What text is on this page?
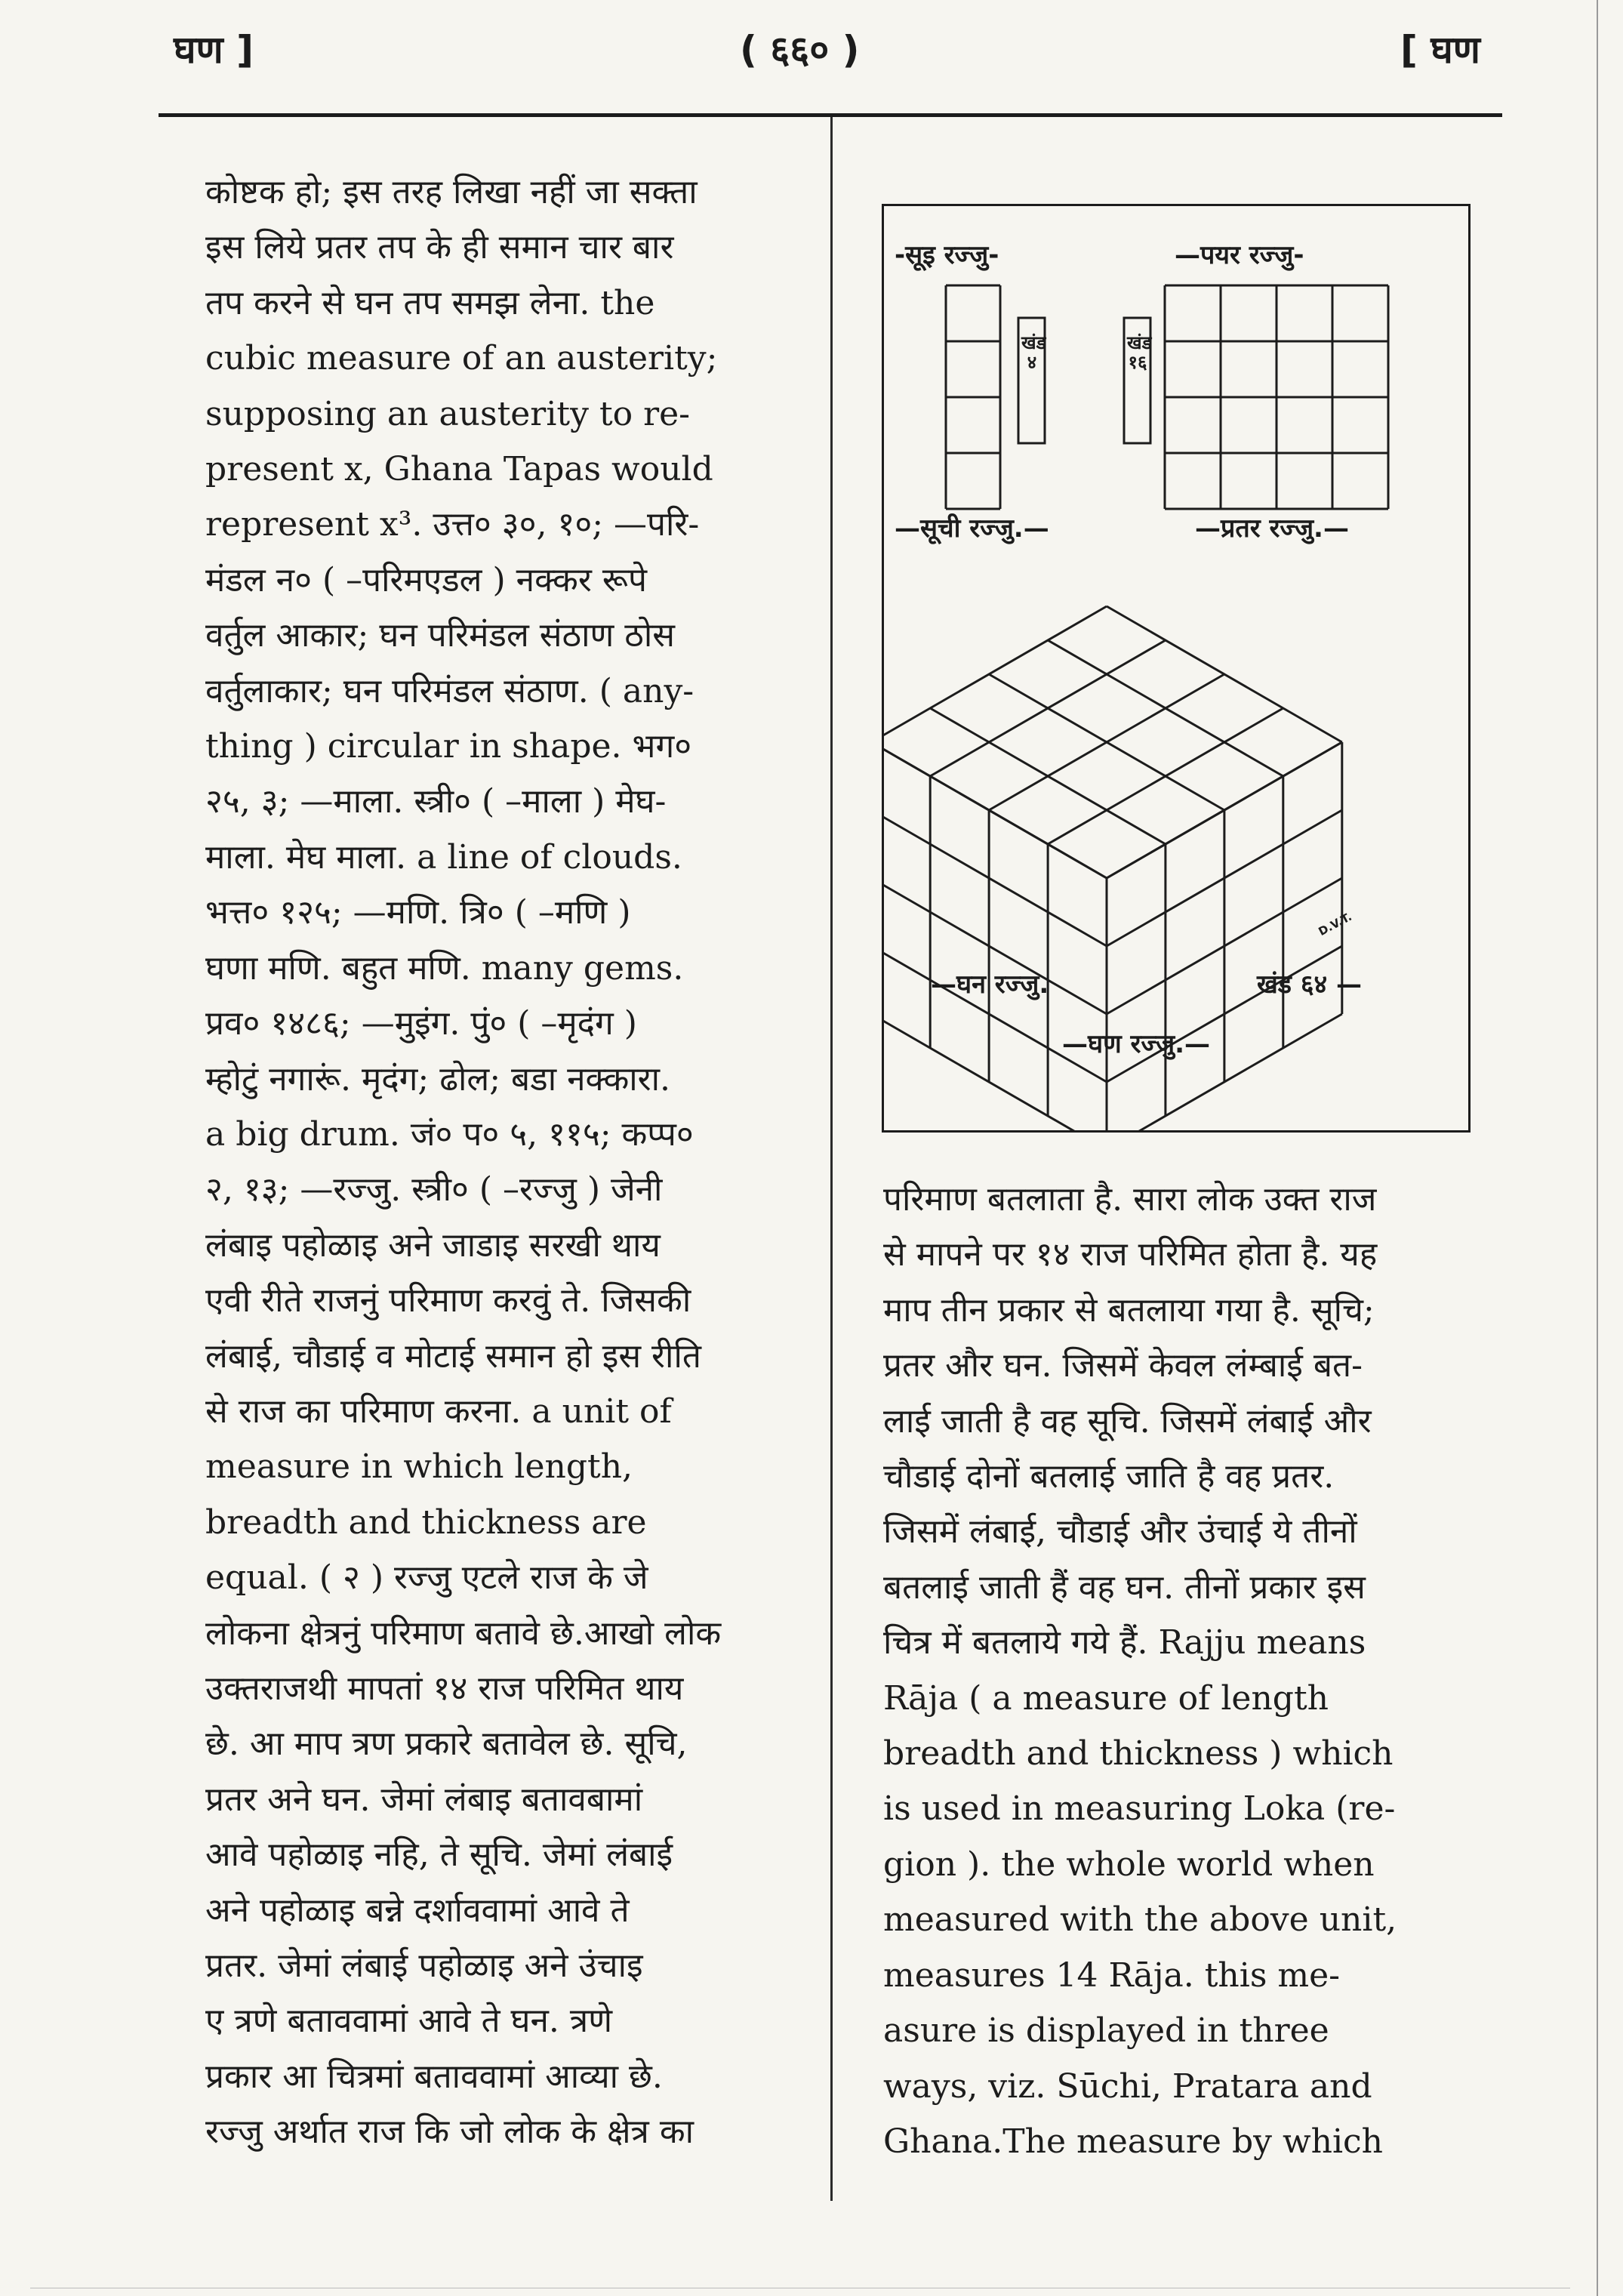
घण ]	( ६६० )	[ घण
कोष्टक हो; इस तरह लिखा नहीं जा सक्ता
इस लिये प्रतर तप के ही समान चार बार
तप करने से घन तप समझ लेना. the
cubic measure of an austerity;
supposing an austerity to re-
present x, Ghana Tapas would
represent x³. उत्त० ३०, १०; —परि-
मंडल न० ( –परिमएडल ) नक्कर रूपे
वर्तुल आकार; घन परिमंडल संठाण ठोस
वर्तुलाकार; घन परिमंडल संठाण. ( any-
thing ) circular in shape. भग०
२५, ३; —माला. स्त्री० ( –माला ) मेघ-
माला. मेघ माला. a line of clouds.
भत्त० १२५; —मणि. त्रि० ( –मणि )
घणा मणि. बहुत मणि. many gems.
प्रव० १४८६; —मुइंग. पुं० ( –मृदंग )
म्होटुं नगारूं. मृदंग; ढोल; बडा नक्कारा.
a big drum. जं० प० ५, ११५; कप्प०
२, १३; —रज्जु. स्त्री० ( –रज्जु ) जेनी
लंबाइ पहोळाइ अने जाडाइ सरखी थाय
एवी रीते राजनुं परिमाण करवुं ते. जिसकी
लंबाई, चौडाई व मोटाई समान हो इस रीति
से राज का परिमाण करना. a unit of
measure in which length,
breadth and thickness are
equal. ( २ ) रज्जु एटले राज के जे
लोकना क्षेत्रनुं परिमाण बतावे छे.आखो लोक
उक्तराजथी मापतां १४ राज परिमित थाय
छे. आ माप त्रण प्रकारे बतावेल छे. सूचि,
प्रतर अने घन. जेमां लंबाइ बतावबामां
आवे पहोळाइ नहि, ते सूचि. जेमां लंबाई
अने पहोळाइ बन्ने दर्शाववामां आवे ते
प्रतर. जेमां लंबाई पहोळाइ अने उंचाइ
ए त्रणे बताववामां आवे ते घन. त्रणे
प्रकार आ चित्रमां बताववामां आव्या छे.
रज्जु अर्थात राज कि जो लोक के क्षेत्र का
-सूइ रज्जु-	—पयर रज्जु-
खंड ४
खंड १६
—सूची रज्जु.—	—प्रतर रज्जु.—
—घन रज्जु.	खंड ६४ —
—घण रज्जु.—
D.V.T.
परिमाण बतलाता है. सारा लोक उक्त राज
से मापने पर १४ राज परिमित होता है. यह
माप तीन प्रकार से बतलाया गया है. सूचि;
प्रतर और घन. जिसमें केवल लंम्बाई बत-
लाई जाती है वह सूचि. जिसमें लंबाई और
चौडाई दोनों बतलाई जाति है वह प्रतर.
जिसमें लंबाई, चौडाई और उंचाई ये तीनों
बतलाई जाती हैं वह घन. तीनों प्रकार इस
चित्र में बतलाये गये हैं. Rajju means
Rāja ( a measure of length
breadth and thickness ) which
is used in measuring Loka (re-
gion ). the whole world when
measured with the above unit,
measures 14 Rāja. this me-
asure is displayed in three
ways, viz. Sūchi, Pratara and
Ghana.The measure by which
